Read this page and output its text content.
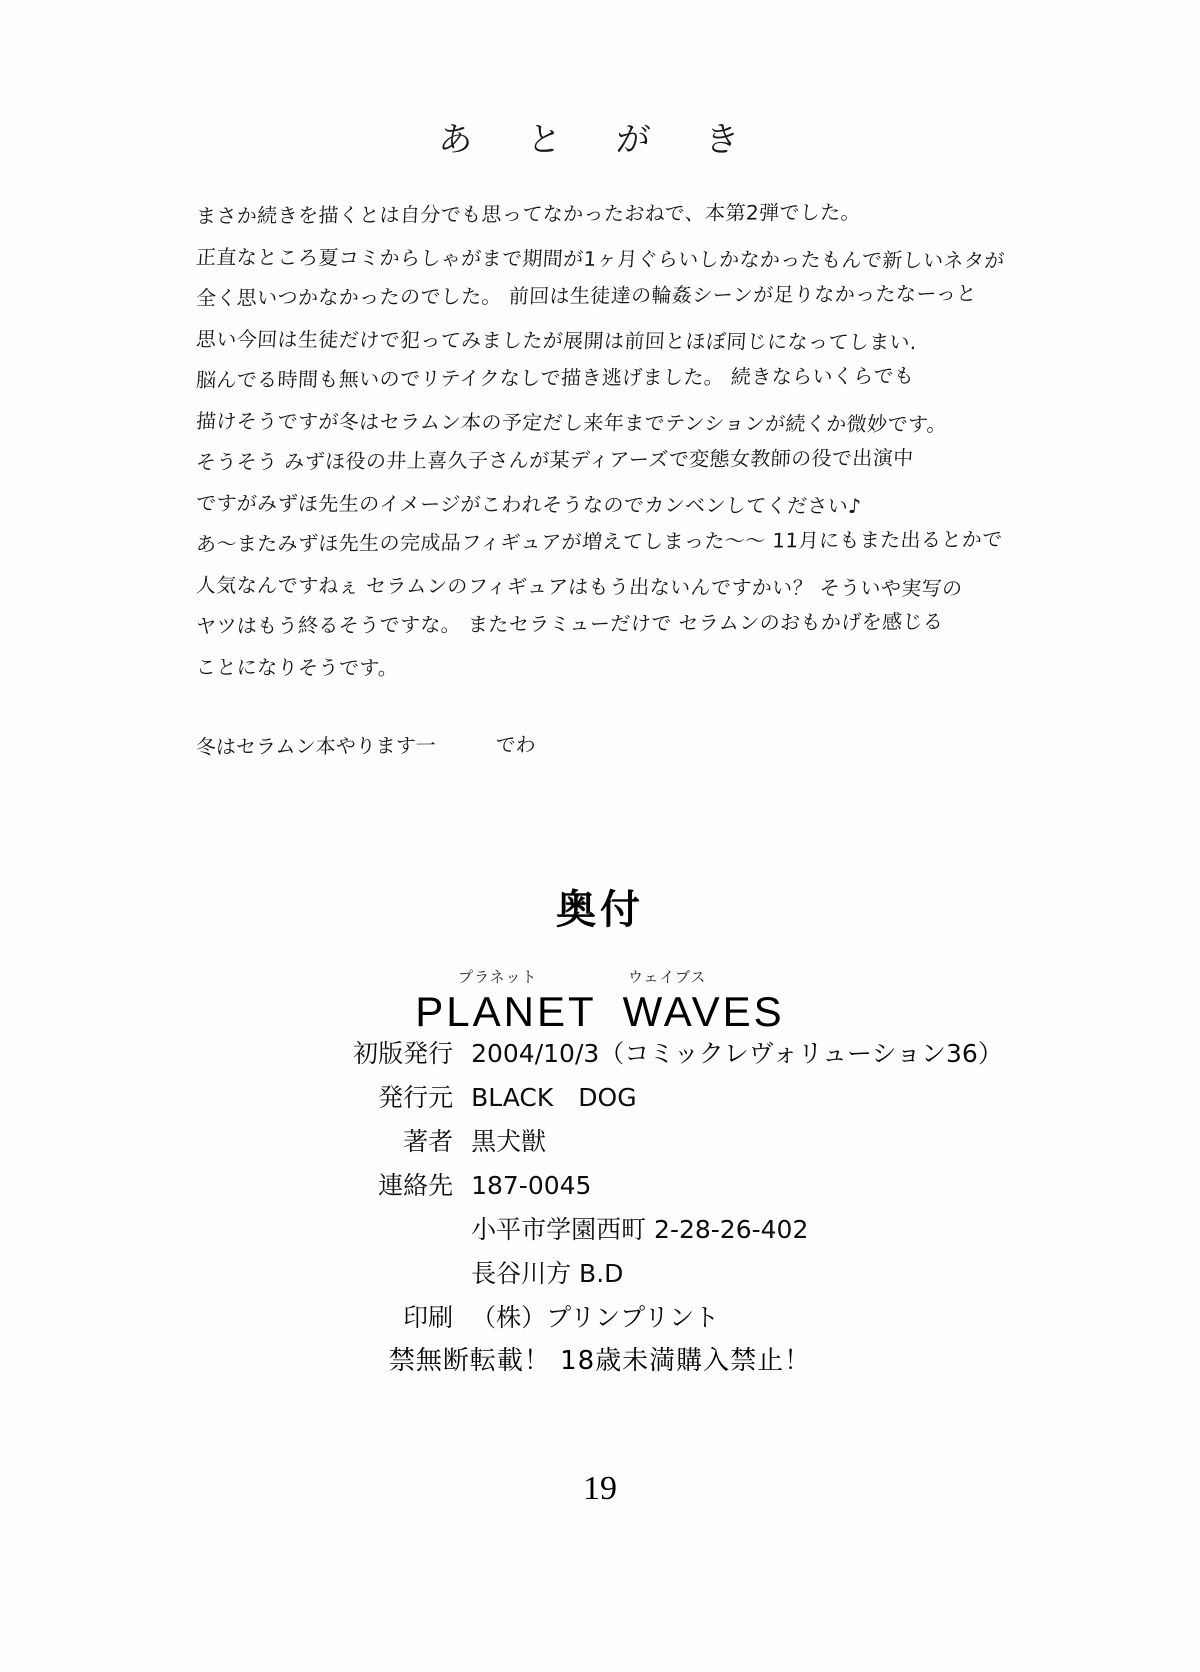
あ と が き
まさか続きを描くとは自分でも思ってなかったおねで、本第2弾でした。
正直なところ夏コミからしゃがまで期間が1ヶ月ぐらいしかなかったもんで新しいネタが
全く思いつかなかったのでした。 前回は生徒達の輪姦シーンが足りなかったなーっと
思い今回は生徒だけで犯ってみましたが展開は前回とほぼ同じになってしまい.
脳んでる時間も無いのでリテイクなしで描き逃げました。 続きならいくらでも
描けそうですが冬はセラムン本の予定だし来年までテンションが続くか微妙です。
そうそう みずほ役の井上喜久子さんが某ディアーズで変態女教師の役で出演中
ですがみずほ先生のイメージがこわれそうなのでカンベンしてください♪
あ〜またみずほ先生の完成品フィギュアが増えてしまった〜〜 11月にもまた出るとかで
人気なんですねぇ セラムンのフィギュアはもう出ないんですかい？ そういや実写の
ヤツはもう終るそうですな。 またセラミューだけで セラムンのおもかげを感じる
ことになりそうです。
冬はセラムン本やります一　　　でわ
奥付
プラネット	ウェイブス
PLANET WAVES
初版発行 2004/10/3（コミックレヴォリューション36）
発行元 BLACK　DOG
著者 黒犬獣
連絡先 187-0045
小平市学園西町 2-28-26-402
長谷川方 B.D
印刷 （株）プリンプリント
禁無断転載！ 18歳未満購入禁止！
19
